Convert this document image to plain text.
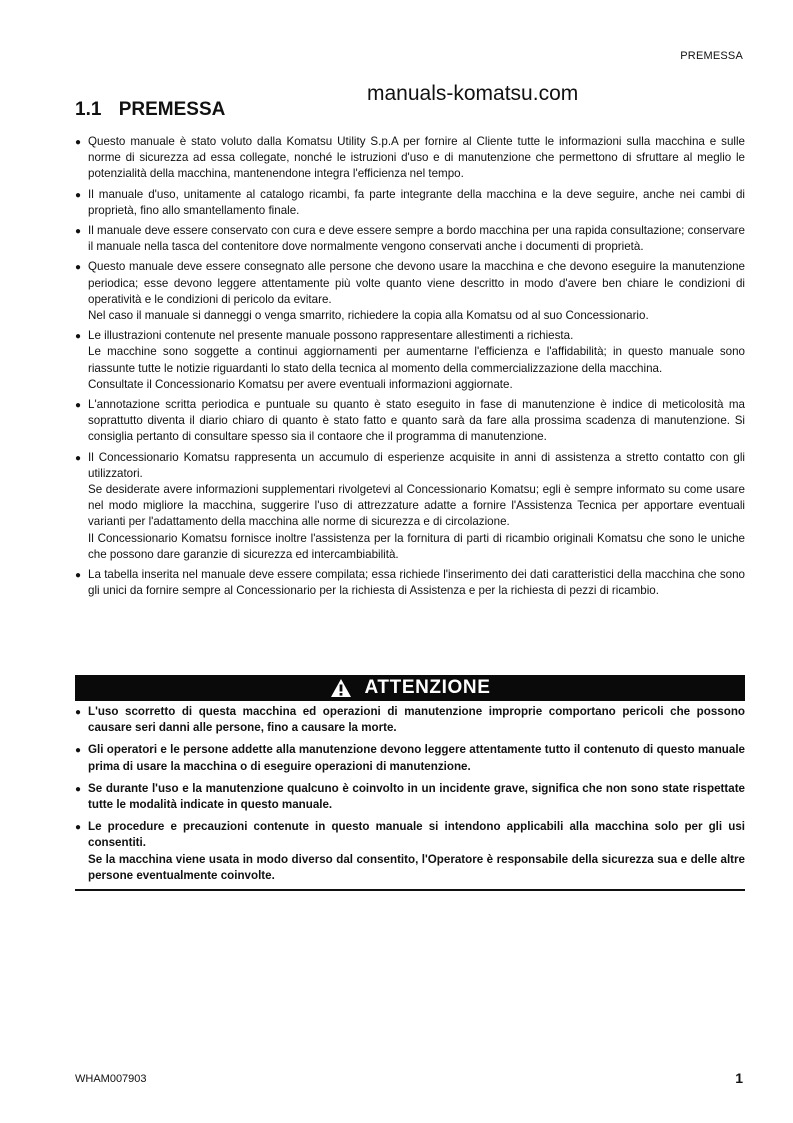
PREMESSA
manuals-komatsu.com
1.1 PREMESSA
● Questo manuale è stato voluto dalla Komatsu Utility S.p.A per fornire al Cliente tutte le informazioni sulla macchina e sulle norme di sicurezza ad essa collegate, nonché le istruzioni d'uso e di manutenzione che permettono di sfruttare al meglio le potenzialità della macchina, mantenendone integra l'efficienza nel tempo.

● Il manuale d'uso, unitamente al catalogo ricambi, fa parte integrante della macchina e la deve seguire, anche nei cambi di proprietà, fino allo smantellamento finale.

● Il manuale deve essere conservato con cura e deve essere sempre a bordo macchina per una rapida consultazione; conservare il manuale nella tasca del contenitore dove normalmente vengono conservati anche i documenti di proprietà.

● Questo manuale deve essere consegnato alle persone che devono usare la macchina e che devono eseguire la manutenzione periodica; esse devono leggere attentamente più volte quanto viene descritto in modo d'avere ben chiare le condizioni di operatività e le condizioni di pericolo da evitare.

Nel caso il manuale si danneggi o venga smarrito, richiedere la copia alla Komatsu od al suo Concessionario.

● Le illustrazioni contenute nel presente manuale possono rappresentare allestimenti a richiesta.

Le macchine sono soggette a continui aggiornamenti per aumentarne l'efficienza e l'affidabilità; in questo manuale sono riassunte tutte le notizie riguardanti lo stato della tecnica al momento della commercializzazione della macchina.

Consultate il Concessionario Komatsu per avere eventuali informazioni aggiornate.

● L'annotazione scritta periodica e puntuale su quanto è stato eseguito in fase di manutenzione è indice di meticolosità ma soprattutto diventa il diario chiaro di quanto è stato fatto e quanto sarà da fare alla prossima scadenza di manutenzione. Si consiglia pertanto di consultare spesso sia il contaore che il programma di manutenzione.

● Il Concessionario Komatsu rappresenta un accumulo di esperienze acquisite in anni di assistenza a stretto contatto con gli utilizzatori.

Se desiderate avere informazioni supplementari rivolgetevi al Concessionario Komatsu; egli è sempre informato su come usare nel modo migliore la macchina, suggerire l'uso di attrezzature adatte a fornire l'Assistenza Tecnica per apportare eventuali varianti per l'adattamento della macchina alle norme di sicurezza e di circolazione.

Il Concessionario Komatsu fornisce inoltre l'assistenza per la fornitura di parti di ricambio originali Komatsu che sono le uniche che possono dare garanzie di sicurezza ed intercambiabilità.

● La tabella inserita nel manuale deve essere compilata; essa richiede l'inserimento dei dati caratteristici della macchina che sono gli unici da fornire sempre al Concessionario per la richiesta di Assistenza e per la richiesta di pezzi di ricambio.

ATTENZIONE
● L'uso scorretto di questa macchina ed operazioni di manutenzione improprie comportano pericoli che possono causare seri danni alle persone, fino a causare la morte.

● Gli operatori e le persone addette alla manutenzione devono leggere attentamente tutto il contenuto di questo manuale prima di usare la macchina o di eseguire operazioni di manutenzione.

● Se durante l'uso e la manutenzione qualcuno è coinvolto in un incidente grave, significa che non sono state rispettate tutte le modalità indicate in questo manuale.

● Le procedure e precauzioni contenute in questo manuale si intendono applicabili alla macchina solo per gli usi consentiti.

Se la macchina viene usata in modo diverso dal consentito, l'Operatore è responsabile della sicurezza sua e delle altre persone eventualmente coinvolte.

WHAM007903	1
